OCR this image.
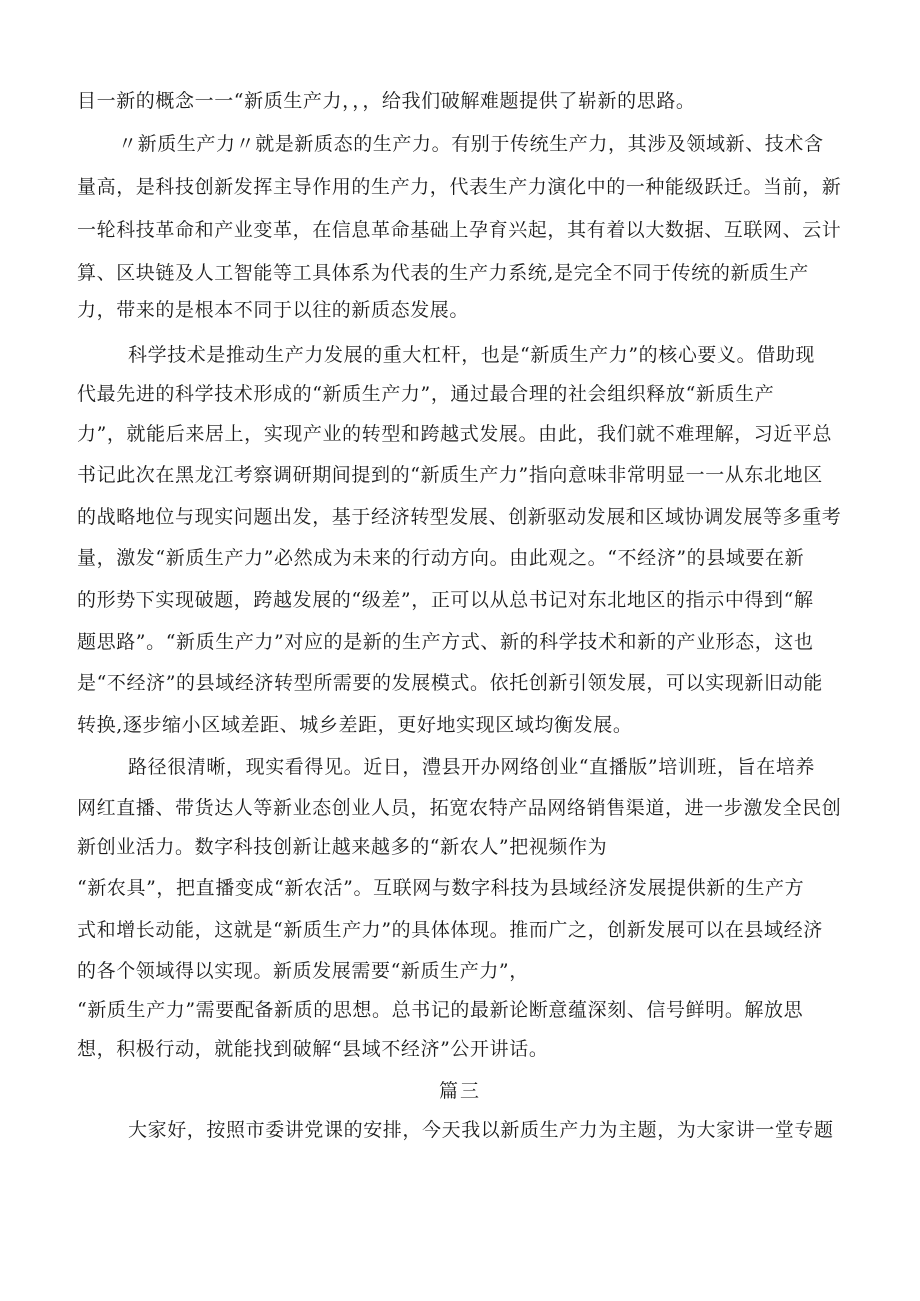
目一新的概念一一“新质生产力，，，给我们破解难题提供了崭新的思路。
〃新质生产力〃就是新质态的生产力。有别于传统生产力，其涉及领域新、技术含
量高，是科技创新发挥主导作用的生产力，代表生产力演化中的一种能级跃迁。当前，新
一轮科技革命和产业变革，在信息革命基础上孕育兴起，其有着以大数据、互联网、云计
算、区块链及人工智能等工具体系为代表的生产力系统,是完全不同于传统的新质生产
力，带来的是根本不同于以往的新质态发展。
科学技术是推动生产力发展的重大杠杆，也是“新质生产力”的核心要义。借助现
代最先进的科学技术形成的“新质生产力”，通过最合理的社会组织释放“新质生产
力”，就能后来居上，实现产业的转型和跨越式发展。由此，我们就不难理解，习近平总
书记此次在黑龙江考察调研期间提到的“新质生产力”指向意味非常明显一一从东北地区
的战略地位与现实问题出发，基于经济转型发展、创新驱动发展和区域协调发展等多重考
量，激发“新质生产力”必然成为未来的行动方向。由此观之。“不经济”的县域要在新
的形势下实现破题，跨越发展的“级差”，正可以从总书记对东北地区的指示中得到“解
题思路”。“新质生产力”对应的是新的生产方式、新的科学技术和新的产业形态，这也
是“不经济”的县域经济转型所需要的发展模式。依托创新引领发展，可以实现新旧动能
转换,逐步缩小区域差距、城乡差距，更好地实现区域均衡发展。
路径很清晰，现实看得见。近日，澧县开办网络创业“直播版”培训班，旨在培养
网红直播、带货达人等新业态创业人员，拓宽农特产品网络销售渠道，进一步激发全民创
新创业活力。数字科技创新让越来越多的“新农人”把视频作为
“新农具”，把直播变成“新农活”。互联网与数字科技为县域经济发展提供新的生产方
式和增长动能，这就是“新质生产力”的具体体现。推而广之，创新发展可以在县域经济
的各个领域得以实现。新质发展需要“新质生产力”，
“新质生产力”需要配备新质的思想。总书记的最新论断意蕴深刻、信号鲜明。解放思
想，积极行动，就能找到破解“县域不经济”公开讲话。
篇三
大家好，按照市委讲党课的安排，今天我以新质生产力为主题，为大家讲一堂专题
